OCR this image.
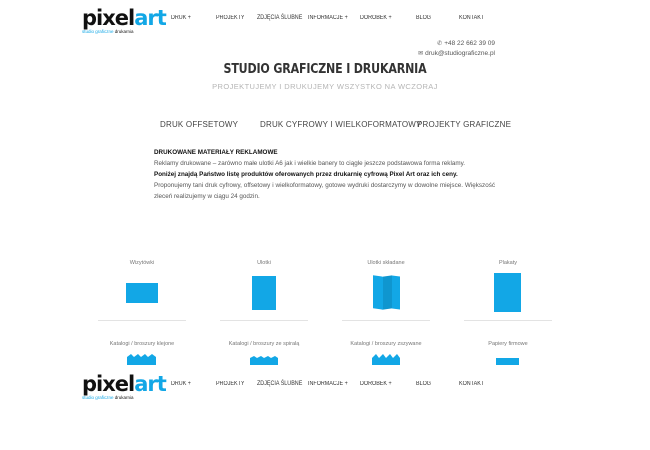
pixelart
studio graficzne drukarnia
DRUK +	PROJEKTY ZDJĘCIA ŚLUBNE INFORMACJE + DOROBEK +	BLOG	KONTAKT
✆ +48 22 662 39 09
✉ druk@studiograficzne.pl
STUDIO GRAFICZNE I DRUKARNIA
PROJEKTUJEMY I DRUKUJEMY WSZYSTKO NA WCZORAJ
DRUK OFFSETOWY	DRUK CYFROWY I WIELKOFORMATOWY
PROJEKTY GRAFICZNE
DRUKOWANE MATERIAŁY REKLAMOWE
Reklamy drukowane – zarówno małe ulotki A6 jak i wielkie banery to ciągle jeszcze podstawowa forma reklamy.
Poniżej znajdą Państwo listę produktów oferowanych przez drukarnię cyfrową Pixel Art oraz ich ceny.
Proponujemy tani druk cyfrowy, offsetowy i wielkoformatowy, gotowe wydruki dostarczymy w dowolne miejsce. Większość zleceń realizujemy w ciągu 24 godzin.
Wizytówki	Ulotki	Ulotki składane	Plakaty
Katalogi / broszury klejone	Katalogi / broszury ze spiralą	Katalogi / broszury zszywane	Papiery firmowe
pixelart
studio graficzne drukarnia
DRUK +	PROJEKTY ZDJĘCIA ŚLUBNE INFORMACJE + DOROBEK +	BLOG	KONTAKT
